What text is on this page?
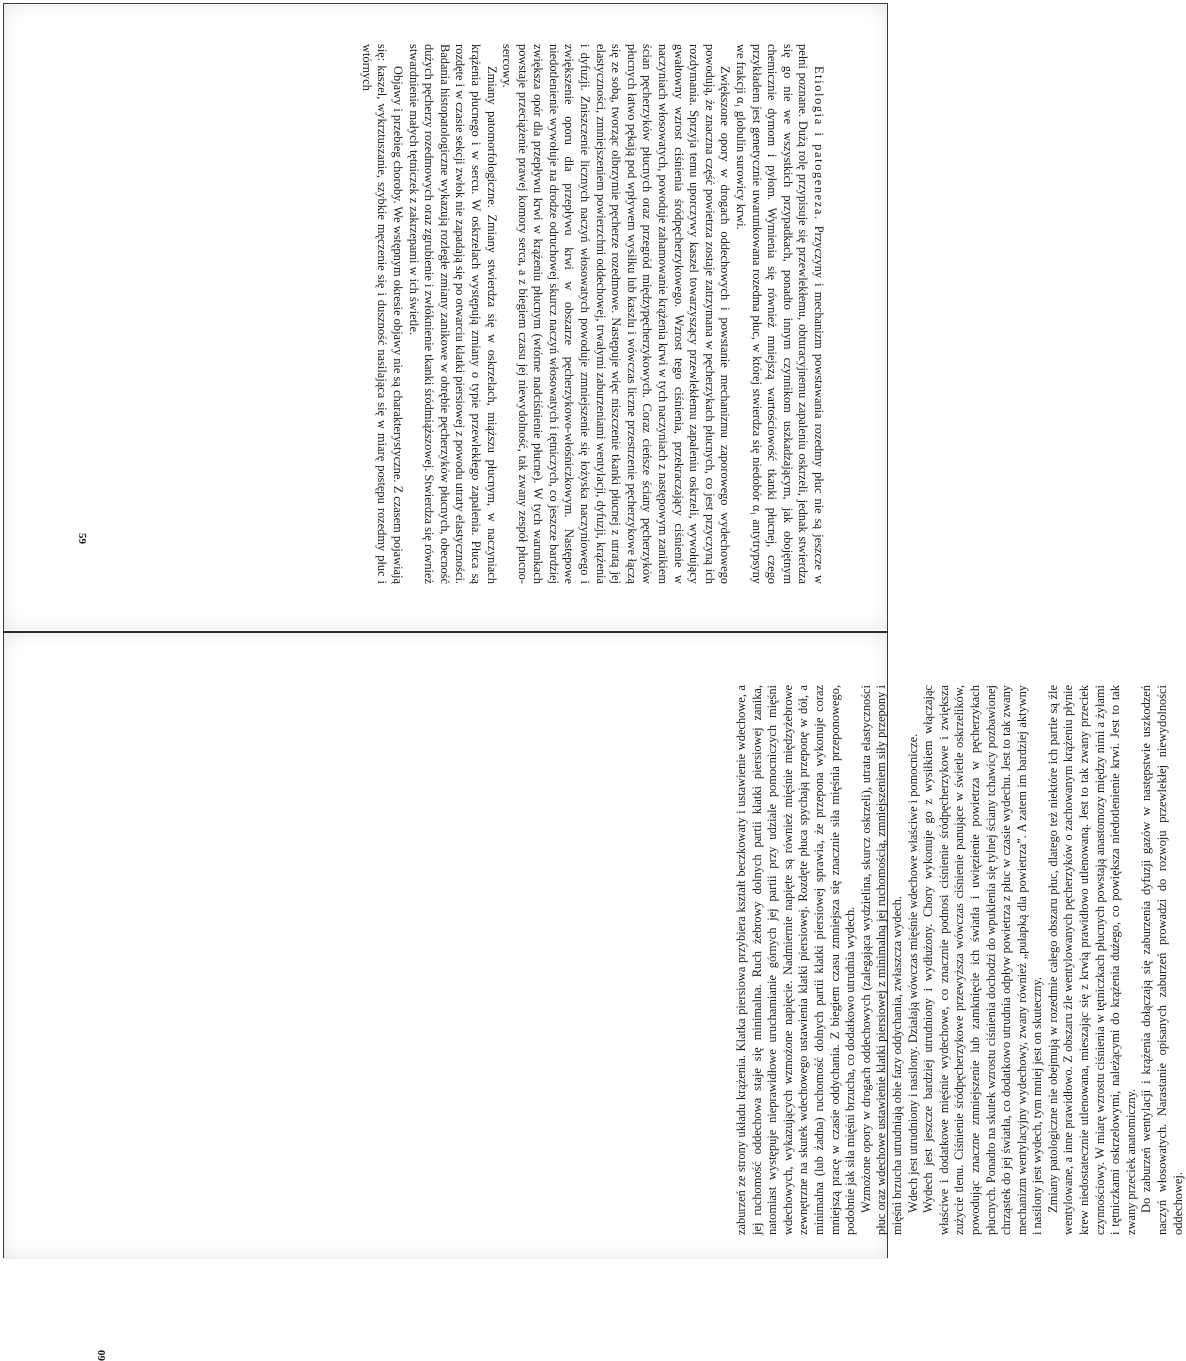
Etiologia i patogeneza. Przyczyny i mechanizm powstawania rozedmy płuc nie są jeszcze w pełni poznane. Dużą rolę przypisuje się przewlekłemu, obturacyjnemu zapaleniu oskrzeli, jednak stwierdza się go nie we wszystkich przypadkach, ponadto innym czynnikom uszkadzającym, jak obojętnym chemicznie dymom i pyłom. Wymienia się również mniejszą wartościowość tkanki płucnej, czego przykładem jest genetycznie uwarunkowana rozedma płuc, w której stwierdza się niedobór α₁ antytrypsyny we frakcji α₁ globulin surowicy krwi.

Zwiększone opory w drogach oddechowych i powstanie mechanizmu zaporowego wydechowego powodują, że znaczna część powietrza zostaje zatrzymana w pęcherzykach płucnych, co jest przyczyną ich rozdymania. Sprzyja temu uporczywy kaszel towarzyszący przewlekłemu zapaleniu oskrzeli, wywołujący gwałtowny wzrost ciśnienia śródpęcherzykowego. Wzrost tego ciśnienia, przekraczający ciśnienie w naczyniach włosowatych, powoduje zahamowanie krążenia krwi w tych naczyniach z następowym zanikiem ścian pęcherzyków płucnych oraz przegród międzypęcherzykowych. Coraz cieńsze ściany pęcherzyków płucnych łatwo pękają pod wpływem wysiłku lub kaszlu i wówczas liczne przestrzenie pęcherzykowe łączą się ze sobą, tworząc olbrzymie pęcherze rozedmowe. Następuje więc niszczenie tkanki płucnej z utratą jej elastyczności, zmniejszeniem powierzchni oddechowej, trwałymi zaburzeniami wentylacji, dyfuzji, krążenia i dyfuzji. Zniszczenie licznych naczyń włosowatych powoduje zmniejszenie się łożyska naczyniowego i zwiększenie oporu dla przepływu krwi w obszarze pęcherzykowo-włośniczkowym. Następowe niedotlenienie wywołuje na drodze odruchowej skurcz naczyń włosowatych i tętniczych, co jeszcze bardziej zwiększa opór dla przepływu krwi w krążeniu płucnym (wtórne nadciśnienie płucne). W tych warunkach powstaje przeciążenie prawej komory serca, a z biegiem czasu jej niewydolność, tak zwany zespół płucno-sercowy.

Zmiany patomorfologiczne. Zmiany stwierdza się w oskrzelach, miąższu płucnym, w naczyniach krążenia płucnego i w sercu. W oskrzelach występują zmiany o typie przewlekłego zapalenia. Płuca są rozdęte i w czasie sekcji zwłok nie zapadają się po otwarciu klatki piersiowej z powodu utraty elastyczności. Badania histopatologiczne wykazują rozległe zmiany zanikowe w obrębie pęcherzyków płucnych, obecność dużych pęcherzy rozedmowych oraz zgrubienie i zwłóknienie tkanki śródmiąższowej. Stwierdza się również stwardnienie małych tętniczek z zakrzepami w ich świetle.

Objawy i przebieg choroby. We wstępnym okresie objawy nie są charakterystyczne. Z czasem pojawiają się: kaszel, wykrztuszanie, szybkie męczenie się i duszność nasilająca się w miarę postępu rozedmy płuc i wtórnych

59

zaburzeń ze strony układu krążenia. Klatka piersiowa przybiera kształt beczkowaty i ustawienie wdechowe, a jej ruchomość oddechowa staje się minimalna. Ruch żebrowy dolnych partii klatki piersiowej zanika, natomiast występuje nieprawidłowe uruchamianie górnych jej partii przy udziale pomocniczych mięśni wdechowych, wykazujących wzmożone napięcie. Nadmiernie napięte są również mięśnie międzyżebrowe zewnętrzne na skutek wdechowego ustawienia klatki piersiowej. Rozdęte płuca spychają przeponę w dół, a minimalna (lub żadna) ruchomość dolnych partii klatki piersiowej sprawia, że przepona wykonuje coraz mniejszą pracę w czasie oddychania. Z biegiem czasu zmniejsza się znacznie siła mięśnia przeponowego, podobnie jak siła mięśni brzucha, co dodatkowo utrudnia wydech. Wzmożone opory w drogach oddechowych (zalegająca wydzielina, skurcz oskrzeli), utrata elastyczności płuc oraz wdechowe ustawienie klatki piersiowej z minimalną jej ruchomością, zmniejszeniem siły przepony i mięśni brzucha utrudniają obie fazy oddychania, zwłaszcza wydech. Wdech jest utrudniony i nasilony. Działają wówczas mięśnie wdechowe właściwe i pomocnicze. Wydech jest jeszcze bardziej utrudniony i wydłużony. Chory wykonuje go z wysiłkiem włączając właściwe i dodatkowe mięśnie wydechowe, co znacznie podnosi ciśnienie śródpęcherzykowe i zwiększa zużycie tlenu. Ciśnienie śródpęcherzykowe przewyższa wówczas ciśnienie panujące w świetle oskrzelików, powodując znaczne zmniejszenie lub zamknięcie ich światła i uwięzienie powietrza w pęcherzykach płucnych. Ponadto na skutek wzrostu ciśnienia dochodzi do wpuklenia się tylnej ściany tchawicy pozbawionej chrząstek do jej światła, co dodatkowo utrudnia odpływ powietrza z płuc w czasie wydechu. Jest to tak zwany mechanizm wentylacyjny wydechowy, zwany również „pułapką dla powietrza”. A zatem im bardziej aktywny i nasilony jest wydech, tym mniej jest on skuteczny. Zmiany patologiczne nie obejmują w rozedmie całego obszaru płuc, dlatego też niektóre ich partie są źle wentylowane, a inne prawidłowo. Z obszaru źle wentylowanych pęcherzyków o zachowanym krążeniu płynie krew niedostatecznie utlenowana, mieszając się z krwią prawidłowo utlenowaną. Jest to tak zwany przeciek czynnościowy. W miarę wzrostu ciśnienia w tętniczkach płucnych powstają anastomozy między nimi a żyłami i tętniczkami oskrzelowymi, należącymi do krążenia dużego, co powiększa niedotlenienie krwi. Jest to tak zwany przeciek anatomiczny. Do zaburzeń wentylacji i krążenia dołączają się zaburzenia dyfuzji gazów w następstwie uszkodzeń naczyń włosowatych. Narastanie opisanych zaburzeń prowadzi do rozwoju przewlekłej niewydolności oddechowej.

60
